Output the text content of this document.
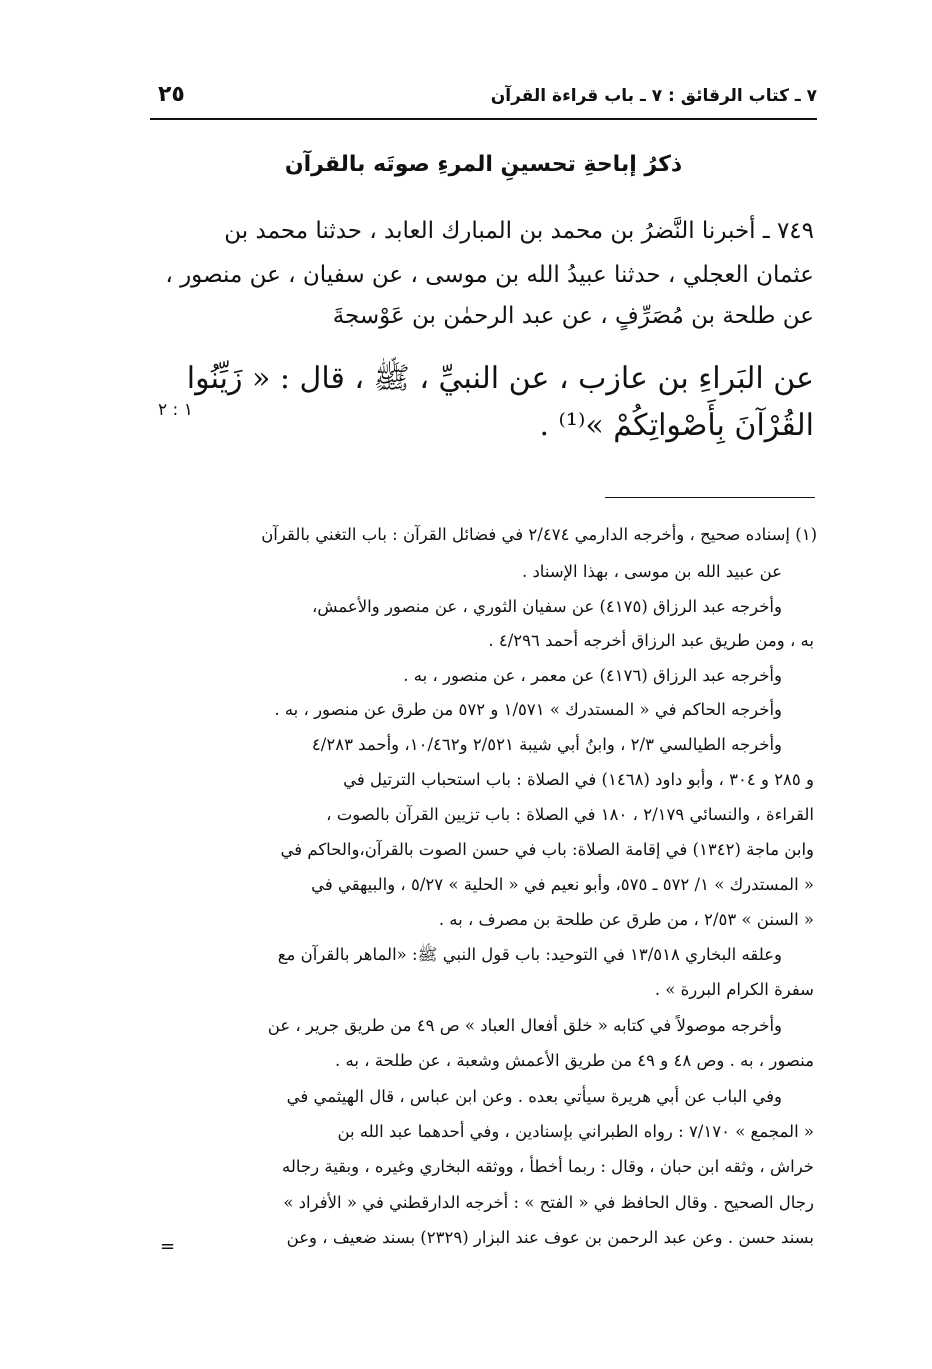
٧ ـ كتاب الرقائق : ٧ ـ باب قراءة القرآن
٢٥
ذكرُ إباحةِ تحسينِ المرءِ صوتَه بالقرآن
٧٤٩ ـ أخبرنا النَّضرُ بن محمد بن المبارك العابد ، حدثنا محمد بن
عثمان العجلي ، حدثنا عبيدُ الله بن موسى ، عن سفيان ، عن منصور ،
عن طلحة بن مُصَرِّفٍ ، عن عبد الرحمٰن بن عَوْسجةَ
عن البَراءِ بن عازب ، عن النبيِّ ، ﷺ ، قال : « زَيِّنُوا
القُرْآنَ بِأَصْواتِكُمْ »⁽¹⁾ .
١ : ٢
(١) إسناده صحيح ، وأخرجه الدارمي ٢/٤٧٤ في فضائل القرآن : باب التغني بالقرآن
عن عبيد الله بن موسى ، بهذا الإسناد .
وأخرجه عبد الرزاق (٤١٧٥) عن سفيان الثوري ، عن منصور والأعمش،
به ، ومن طريق عبد الرزاق أخرجه أحمد ٤/٢٩٦ .
وأخرجه عبد الرزاق (٤١٧٦) عن معمر ، عن منصور ، به .
وأخرجه الحاكم في « المستدرك » ١/٥٧١ و ٥٧٢ من طرق عن منصور ، به .
وأخرجه الطيالسي ٢/٣ ، وابنُ أبي شيبة ٢/٥٢١ و١٠/٤٦٢، وأحمد ٤/٢٨٣
و ٢٨٥ و ٣٠٤ ، وأبو داود (١٤٦٨) في الصلاة : باب استحباب الترتيل في
القراءة ، والنسائي ٢/١٧٩ ، ١٨٠ في الصلاة : باب تزيين القرآن بالصوت ،
وابن ماجة (١٣٤٢) في إقامة الصلاة: باب في حسن الصوت بالقرآن،والحاكم في
« المستدرك » ١/ ٥٧٢ ـ ٥٧٥، وأبو نعيم في « الحلية » ٥/٢٧ ، والبيهقي في
« السنن » ٢/٥٣ ، من طرق عن طلحة بن مصرف ، به .
وعلقه البخاري ١٣/٥١٨ في التوحيد: باب قول النبي ﷺ: «الماهر بالقرآن مع
سفرة الكرام البررة » .
وأخرجه موصولاً في كتابه « خلق أفعال العباد » ص ٤٩ من طريق جرير ، عن
منصور ، به . وص ٤٨ و ٤٩ من طريق الأعمش وشعبة ، عن طلحة ، به .
وفي الباب عن أبي هريرة سيأتي بعده . وعن ابن عباس ، قال الهيثمي في
« المجمع » ٧/١٧٠ : رواه الطبراني بإسنادين ، وفي أحدهما عبد الله بن
خراش ، وثقه ابن حبان ، وقال : ربما أخطأ ، ووثقه البخاري وغيره ، وبقية رجاله
رجال الصحيح . وقال الحافظ في « الفتح » : أخرجه الدارقطني في « الأفراد »
بسند حسن . وعن عبد الرحمن بن عوف عند البزار (٢٣٢٩) بسند ضعيف ، وعن
=
